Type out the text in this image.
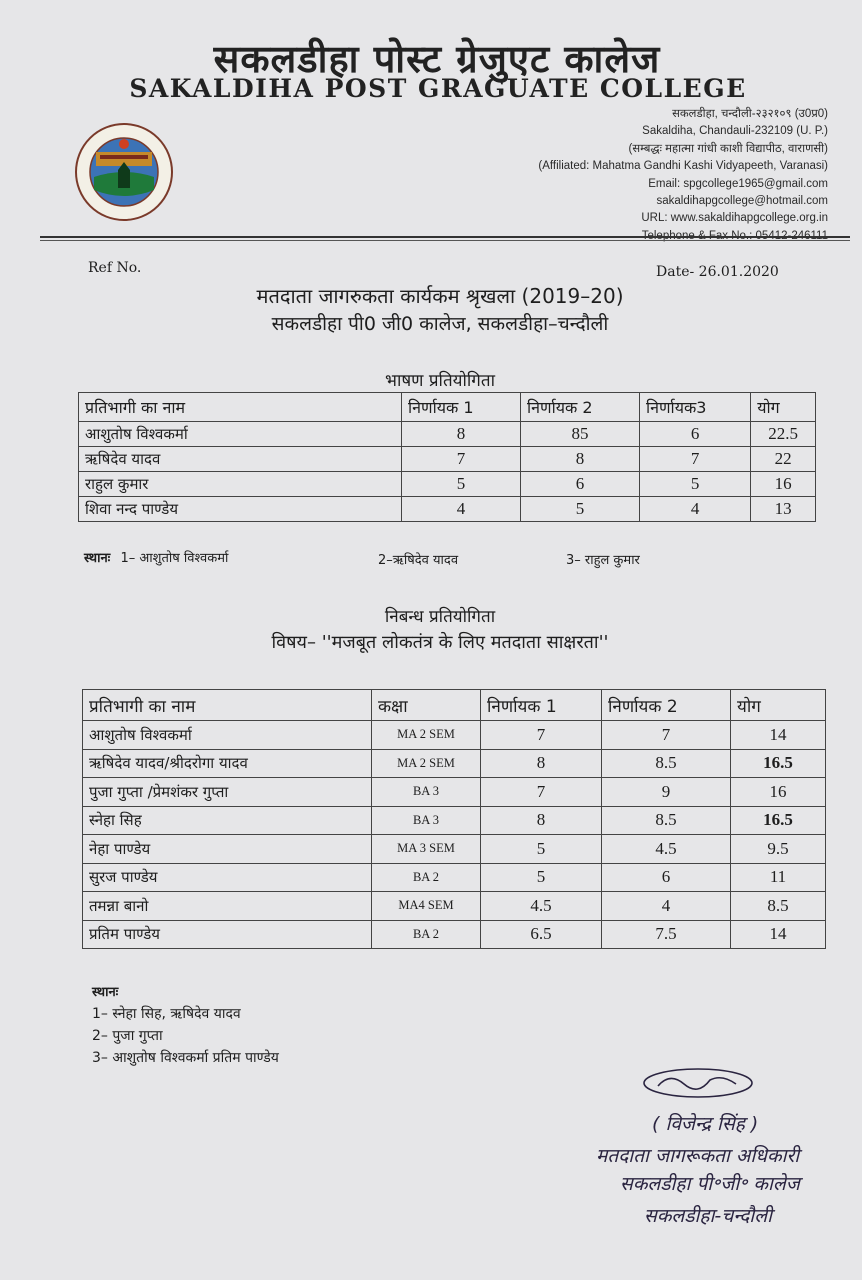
सकलडीहा पोस्ट ग्रेजुएट कालेज
SAKALDIHA POST GRAGUATE COLLEGE
सकलडीहा, चन्दौली-२३२१०९ (उ0प्र0)
Sakaldiha, Chandauli-232109 (U. P.)
(सम्बद्धः महात्मा गांधी काशी विद्यापीठ, वाराणसी)
(Affiliated: Mahatma Gandhi Kashi Vidyapeeth, Varanasi)
Email: spgcollege1965@gmail.com
sakaldihapgcollege@hotmail.com
URL: www.sakaldihapgcollege.org.in
Ref No.	Date- 26.01.2020
मतदाता जागरुकता कार्यकम श्रृखला (2019–20)
सकलडीहा पी0 जी0 कालेज, सकलडीहा–चन्दौली
भाषण प्रतियोगिता
प्रतिभागी का नाम	निर्णायक 1	निर्णायक 2	निर्णायक3	योग
आशुतोष विश्वकर्मा	8	85	6	22.5
ऋषिदेव यादव	7	8	7	22
राहुल कुमार	5	6	5	16
शिवा नन्द पाण्डेय	4	5	4	13
स्थानः 1– आशुतोष विश्वकर्मा	2–ऋषिदेव यादव	3– राहुल कुमार
निबन्ध प्रतियोगिता
विषय– ''मजबूत लोकतंत्र के लिए मतदाता साक्षरता''
प्रतिभागी का नाम	कक्षा	निर्णायक 1	निर्णायक 2	योग
आशुतोष विश्वकर्मा	MA 2 SEM	7	7	14
ऋषिदेव यादव/श्रीदरोगा यादव	MA 2 SEM	8	8.5	16.5
पुजा गुप्ता /प्रेमशंकर गुप्ता	BA 3	7	9	16
स्नेहा सिह	BA 3	8	8.5	16.5
नेहा पाण्डेय	MA 3 SEM	5	4.5	9.5
सुरज पाण्डेय	BA 2	5	6	11
तमन्ना बानो	MA4 SEM	4.5	4	8.5
प्रतिम पाण्डेय	BA 2	6.5	7.5	14
स्थानः
1– स्नेहा सिह, ऋषिदेव यादव
2– पुजा गुप्ता
3– आशुतोष विश्वकर्मा प्रतिम पाण्डेय
( विजेन्द्र सिंह )
मतदाता जागरूकता अधिकारी
सकलडीहा पी॰जी॰ कालेज
सकलडीहा-चन्दौली
